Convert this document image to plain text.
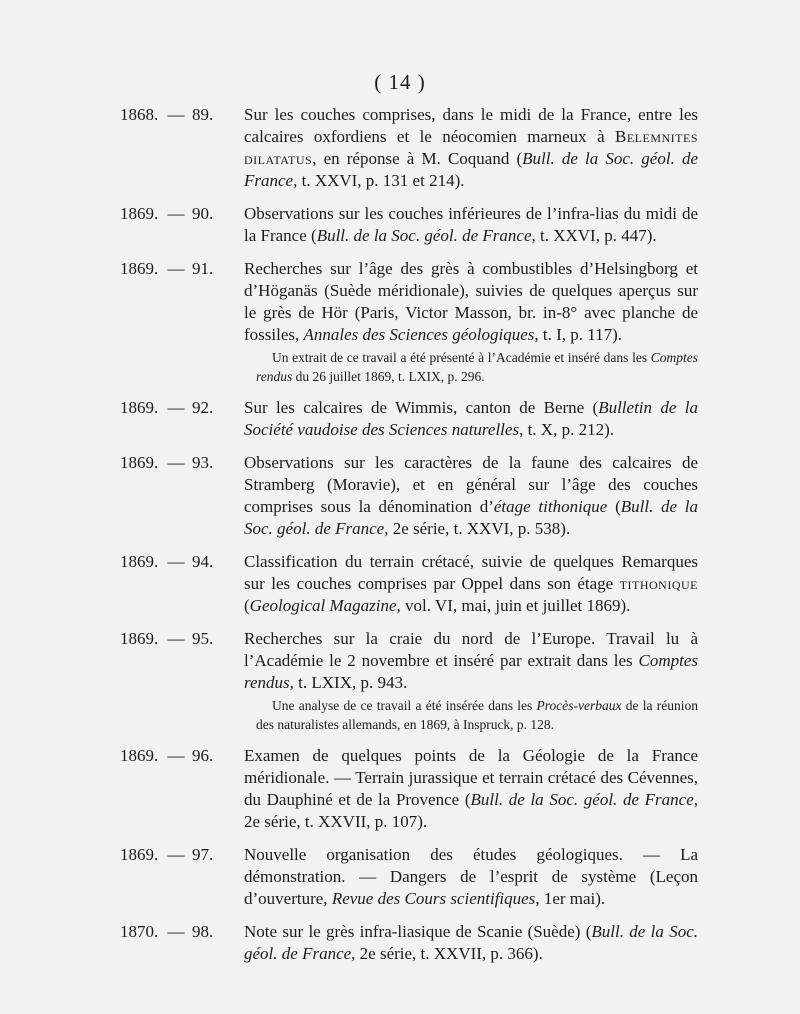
( 14 )
1868. — 89. Sur les couches comprises, dans le midi de la France, entre les calcaires oxfordiens et le néocomien marneux à Belemnites dilatatus, en réponse à M. Coquand (Bull. de la Soc. géol. de France, t. XXVI, p. 131 et 214).
1869. — 90. Observations sur les couches inférieures de l’infra-lias du midi de la France (Bull. de la Soc. géol. de France, t. XXVI, p. 447).
1869. — 91. Recherches sur l’âge des grès à combustibles d’Helsingborg et d’Höganäs (Suède méridionale), suivies de quelques aperçus sur le grès de Hör (Paris, Victor Masson, br. in-8° avec planche de fossiles, Annales des Sciences géologiques, t. I, p. 117).
Un extrait de ce travail a été présenté à l’Académie et inséré dans les Comptes rendus du 26 juillet 1869, t. LXIX, p. 296.
1869. — 92. Sur les calcaires de Wimmis, canton de Berne (Bulletin de la Société vaudoise des Sciences naturelles, t. X, p. 212).
1869. — 93. Observations sur les caractères de la faune des calcaires de Stramberg (Moravie), et en général sur l’âge des couches comprises sous la dénomination d’étage tithonique (Bull. de la Soc. géol. de France, 2e série, t. XXVI, p. 538).
1869. — 94. Classification du terrain crétacé, suivie de quelques Remarques sur les couches comprises par Oppel dans son étage tithonique (Geological Magazine, vol. VI, mai, juin et juillet 1869).
1869. — 95. Recherches sur la craie du nord de l’Europe. Travail lu à l’Académie le 2 novembre et inséré par extrait dans les Comptes rendus, t. LXIX, p. 943.
Une analyse de ce travail a été insérée dans les Procès-verbaux de la réunion des naturalistes allemands, en 1869, à Inspruck, p. 128.
1869. — 96. Examen de quelques points de la Géologie de la France méridionale. — Terrain jurassique et terrain crétacé des Cévennes, du Dauphiné et de la Provence (Bull. de la Soc. géol. de France, 2e série, t. XXVII, p. 107).
1869. — 97. Nouvelle organisation des études géologiques. — La démonstration. — Dangers de l’esprit de système (Leçon d’ouverture, Revue des Cours scientifiques, 1er mai).
1870. — 98. Note sur le grès infra-liasique de Scanie (Suède) (Bull. de la Soc. géol. de France, 2e série, t. XXVII, p. 366).
